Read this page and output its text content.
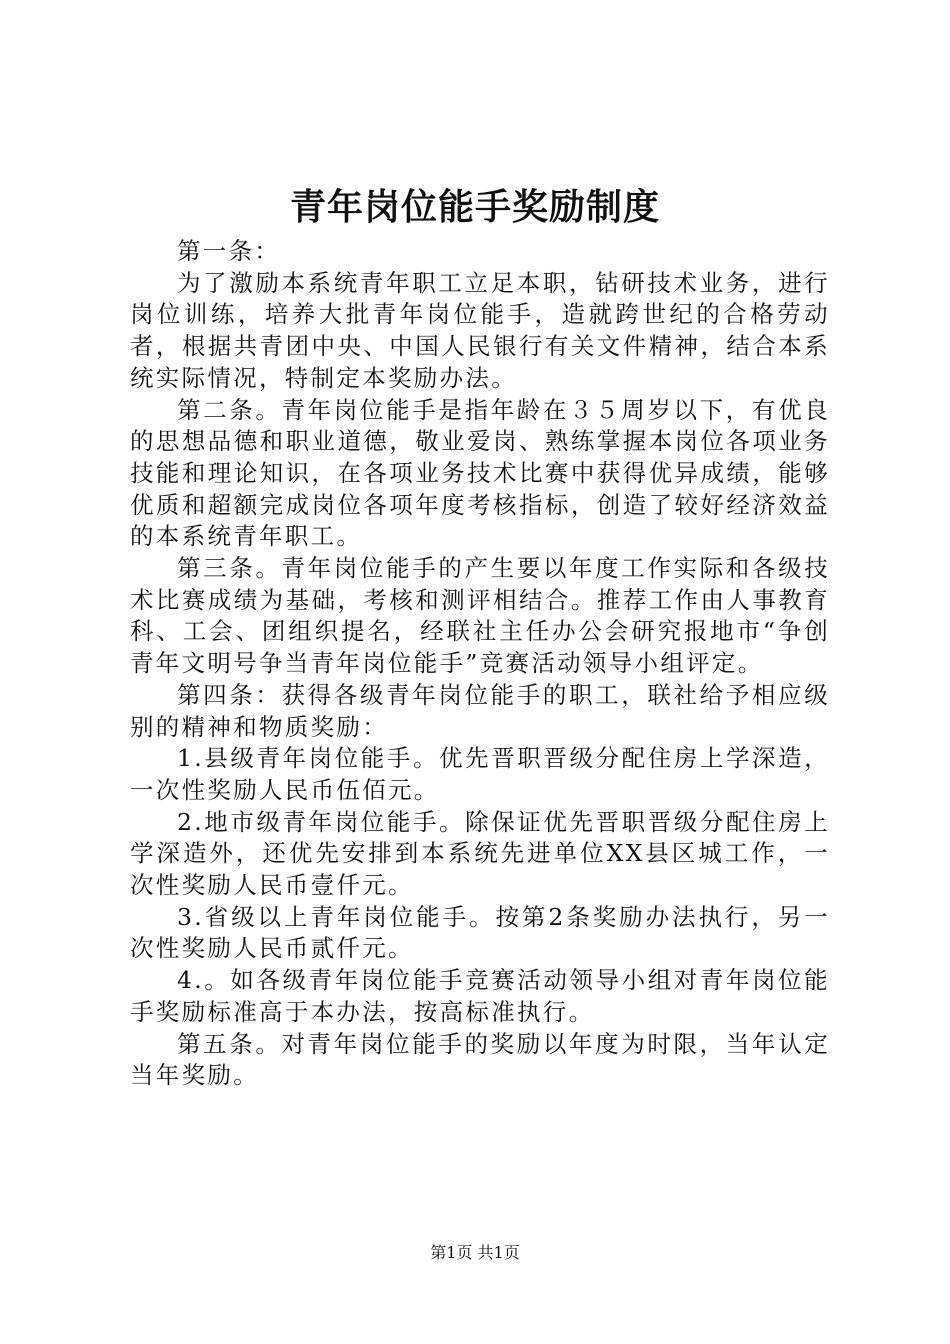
青年岗位能手奖励制度

第一条：

为了激励本系统青年职工立足本职，钻研技术业务，进行岗位训练，培养大批青年岗位能手，造就跨世纪的合格劳动者，根据共青团中央、中国人民银行有关文件精神，结合本系统实际情况，特制定本奖励办法。

第二条。青年岗位能手是指年龄在３５周岁以下，有优良的思想品德和职业道德，敬业爱岗、熟练掌握本岗位各项业务技能和理论知识，在各项业务技术比赛中获得优异成绩，能够优质和超额完成岗位各项年度考核指标，创造了较好经济效益的本系统青年职工。

第三条。青年岗位能手的产生要以年度工作实际和各级技术比赛成绩为基础，考核和测评相结合。推荐工作由人事教育科、工会、团组织提名，经联社主任办公会研究报地市“争创青年文明号争当青年岗位能手”竞赛活动领导小组评定。

第四条：获得各级青年岗位能手的职工，联社给予相应级别的精神和物质奖励：

1.县级青年岗位能手。优先晋职晋级分配住房上学深造，一次性奖励人民币伍佰元。

2.地市级青年岗位能手。除保证优先晋职晋级分配住房上学深造外，还优先安排到本系统先进单位XX县区城工作，一次性奖励人民币壹仟元。

3.省级以上青年岗位能手。按第2条奖励办法执行，另一次性奖励人民币贰仟元。

4.。如各级青年岗位能手竞赛活动领导小组对青年岗位能手奖励标准高于本办法，按高标准执行。

第五条。对青年岗位能手的奖励以年度为时限，当年认定当年奖励。

第1页 共1页
